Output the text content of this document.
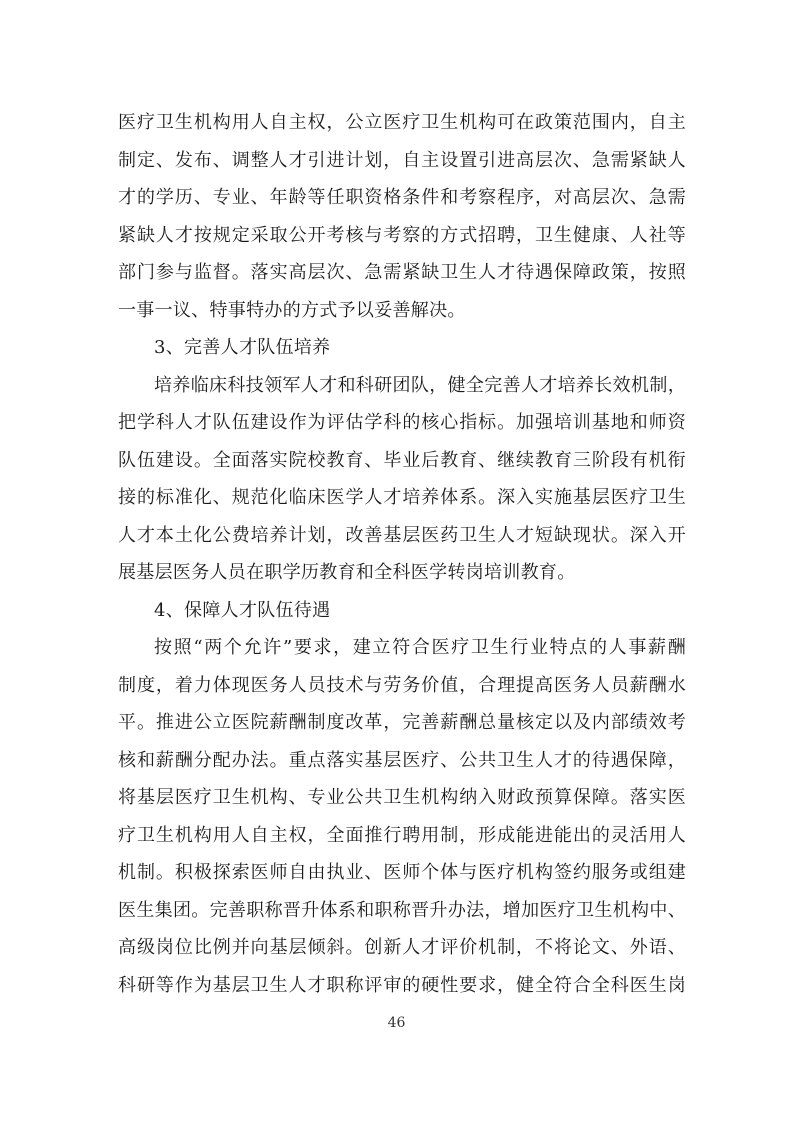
医疗卫生机构用人自主权，公立医疗卫生机构可在政策范围内，自主
制定、发布、调整人才引进计划，自主设置引进高层次、急需紧缺人
才的学历、专业、年龄等任职资格条件和考察程序，对高层次、急需
紧缺人才按规定采取公开考核与考察的方式招聘，卫生健康、人社等
部门参与监督。落实高层次、急需紧缺卫生人才待遇保障政策，按照
一事一议、特事特办的方式予以妥善解决。
3、完善人才队伍培养
培养临床科技领军人才和科研团队，健全完善人才培养长效机制，
把学科人才队伍建设作为评估学科的核心指标。加强培训基地和师资
队伍建设。全面落实院校教育、毕业后教育、继续教育三阶段有机衔
接的标准化、规范化临床医学人才培养体系。深入实施基层医疗卫生
人才本土化公费培养计划，改善基层医药卫生人才短缺现状。深入开
展基层医务人员在职学历教育和全科医学转岗培训教育。
4、保障人才队伍待遇
按照“两个允许”要求，建立符合医疗卫生行业特点的人事薪酬
制度，着力体现医务人员技术与劳务价值，合理提高医务人员薪酬水
平。推进公立医院薪酬制度改革，完善薪酬总量核定以及内部绩效考
核和薪酬分配办法。重点落实基层医疗、公共卫生人才的待遇保障，
将基层医疗卫生机构、专业公共卫生机构纳入财政预算保障。落实医
疗卫生机构用人自主权，全面推行聘用制，形成能进能出的灵活用人
机制。积极探索医师自由执业、医师个体与医疗机构签约服务或组建
医生集团。完善职称晋升体系和职称晋升办法，增加医疗卫生机构中、
高级岗位比例并向基层倾斜。创新人才评价机制，不将论文、外语、
科研等作为基层卫生人才职称评审的硬性要求，健全符合全科医生岗
46
